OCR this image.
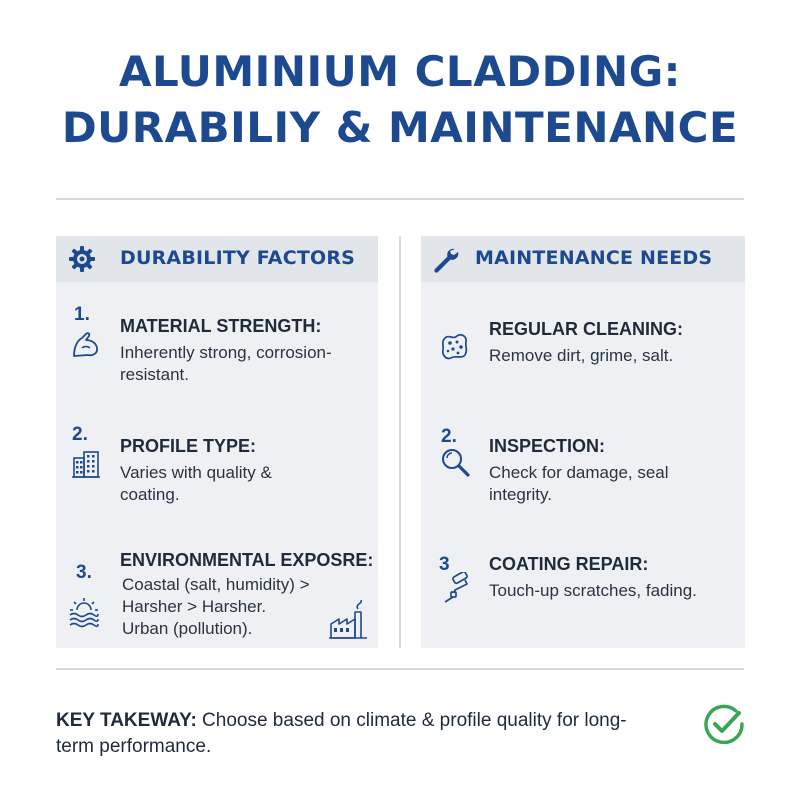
ALUMINIUM CLADDING:
DURABILIY & MAINTENANCE
DURABILITY FACTORS
1.
MATERIAL STRENGTH:
Inherently strong, corrosion-resistant.
2.
PROFILE TYPE:
Varies with quality & coating.
3.
ENVIRONMENTAL EXPOSRE:
Coastal (salt, humidity) >
Harsher > Harsher.
Urban (pollution).
MAINTENANCE NEEDS
REGULAR CLEANING:
Remove dirt, grime, salt.
2. INSPECTION:
Check for damage, seal integrity.
3 COATING REPAIR:
Touch-up scratches, fading.
KEY TAKEWAY: Choose based on climate & profile quality for long-term performance.
